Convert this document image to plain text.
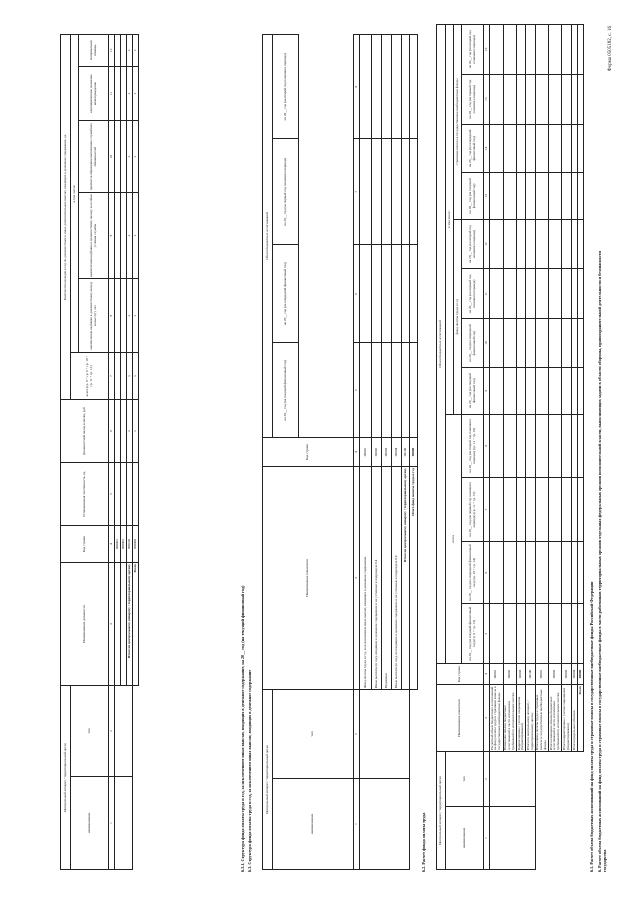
Форма 0505182, с. 16
6. Расчет объема бюджетных ассигнований на фонд оплаты труда и страховые взносы в государственные внебюджетные фонды в части работников территориальных органов отдельных федеральных органов исполнительной власти, выполняющих задачи в области обороны, правоохранительной деятельности и безопасности государства
6.1. Расчет объема бюджетных ассигнований на фонд оплаты труда и страховые взносы в государственные внебюджетные фонды Российской Федерации
Центральный аппарат / территориальный орган		Наименование показателя	Код строки	Объем бюджетных ассигнований											
наименование	тип			всего				в том числе:							
								фонд оплаты труда и гсд				страховые взносы в государственные внебюджетные фонды			
				на 20__ год (на текущий финансовый год) (гр. 9 + гр. 13)	на 20__ год (на очередной финансовый год) (гр. 10 + гр. 14)	на 20__ год (на первый год планового периода) (гр. 11 + гр. 15)	на 20__ год (на второй год планового периода) (гр. 12 + гр. 16)	на 20__ год (на текущий финансовый год)	на 20__ год (на очередной финансовый год)	на 20__ год (на первый год планового периода)	на 20__ год (на второй год планового периода)	на 20__ год (на текущий финансовый год)	на 20__ год (на очередной финансовый год)	на 20__ год (на первый год планового периода)	на 20__ год (на второй год планового периода)
1	2	3	4	5	6	7	8	9	10	11	12	13	14	15	16
		Расчетный объем бюджетных ассигнований на фонд оплаты труда и страховые взносы в государственные внебюджетные фонды	00001												
		Изменение объема бюджетных ассигнований в части исполнения требований по исполнительным листам	00002												
		Корректировка с учетом сокращения (бюджетирования)	00003												
		Итого по центральному аппарату / территориальному органу	00100												
		Итого фонд оплаты труда и страховые взносы в государственные внебюджетные фонды	90001												
		Итого изменение объема бюджетных ассигнований в части исполнения требований по исполнительным листам	90002												
		Итого корректировка с учетом сокращения (бюджетирования)	90003												
		Итого предельных объемов	90004												
		Всего	90000												
6.2. Расчет фонда оплаты труда
Центральный аппарат / территориальный орган		Наименование показателя	Код строки	Объем бюджетных ассигнований			
наименование	тип			на 20__ год (на текущий финансовый год)	на 20__ год (на очередной финансовый год)	на 20__ год (на первый год планового периода)	на 20__ год (на второй год планового периода)

1	2	3	4	5	6	7	8
		Фонд оплаты труда и гсд, за исключением иных выплат, входящих в денежное содержание	00001				
		Иные выплаты (в год), входящие в денежное содержание и не учтенные в подразделе 6.4	00002				
		Недоимки	00003				
		Иные выплаты (в год), не входящие в денежное содержание и не учтенные в подразделе 6.4	00004				
		Итого по центральному аппарату / территориальному органу	00100				
		Итого фонд оплаты труда и гсд	90000				
6.3. Структура фонда оплаты труда и гсд, за исключением иных выплат, входящих в денежное содержание
6.3.1. Структура фонда оплаты труда и гсд, за исключением иных выплат, входящих в денежное содержание, на 20__ год (на текущий финансовый год)
Центральный аппарат / территориальный орган		Наименование должности	Код строки	Установленная численность, ед.	Должностной оклад в месяц, руб	Количество окладов в год по должностным и иных дополнительных выплат, входящих в денежное содержание, ед.					
наименование	тип					всего (гр. 8 + гр. 9 + гр. 10 + гр. 11 + гр. 12)	в том числе:				
							ежемесячная надбавка к должностному окладу за выслугу лет	ежемесячная надбавка к должностному окладу за особые условия службы	премии за образцовое выполнение служебных обязанностей	единовременное денежное вознаграждение	материальная помощь
1	2	3	4	5	6	7	8	9	10	11	12
			000001								
			000002								
		Итого по центральному аппарату / территориальному органу	000100		x	x	x	x	x	x	x
		Всего	900000		x	x	x	x	x	x	x
